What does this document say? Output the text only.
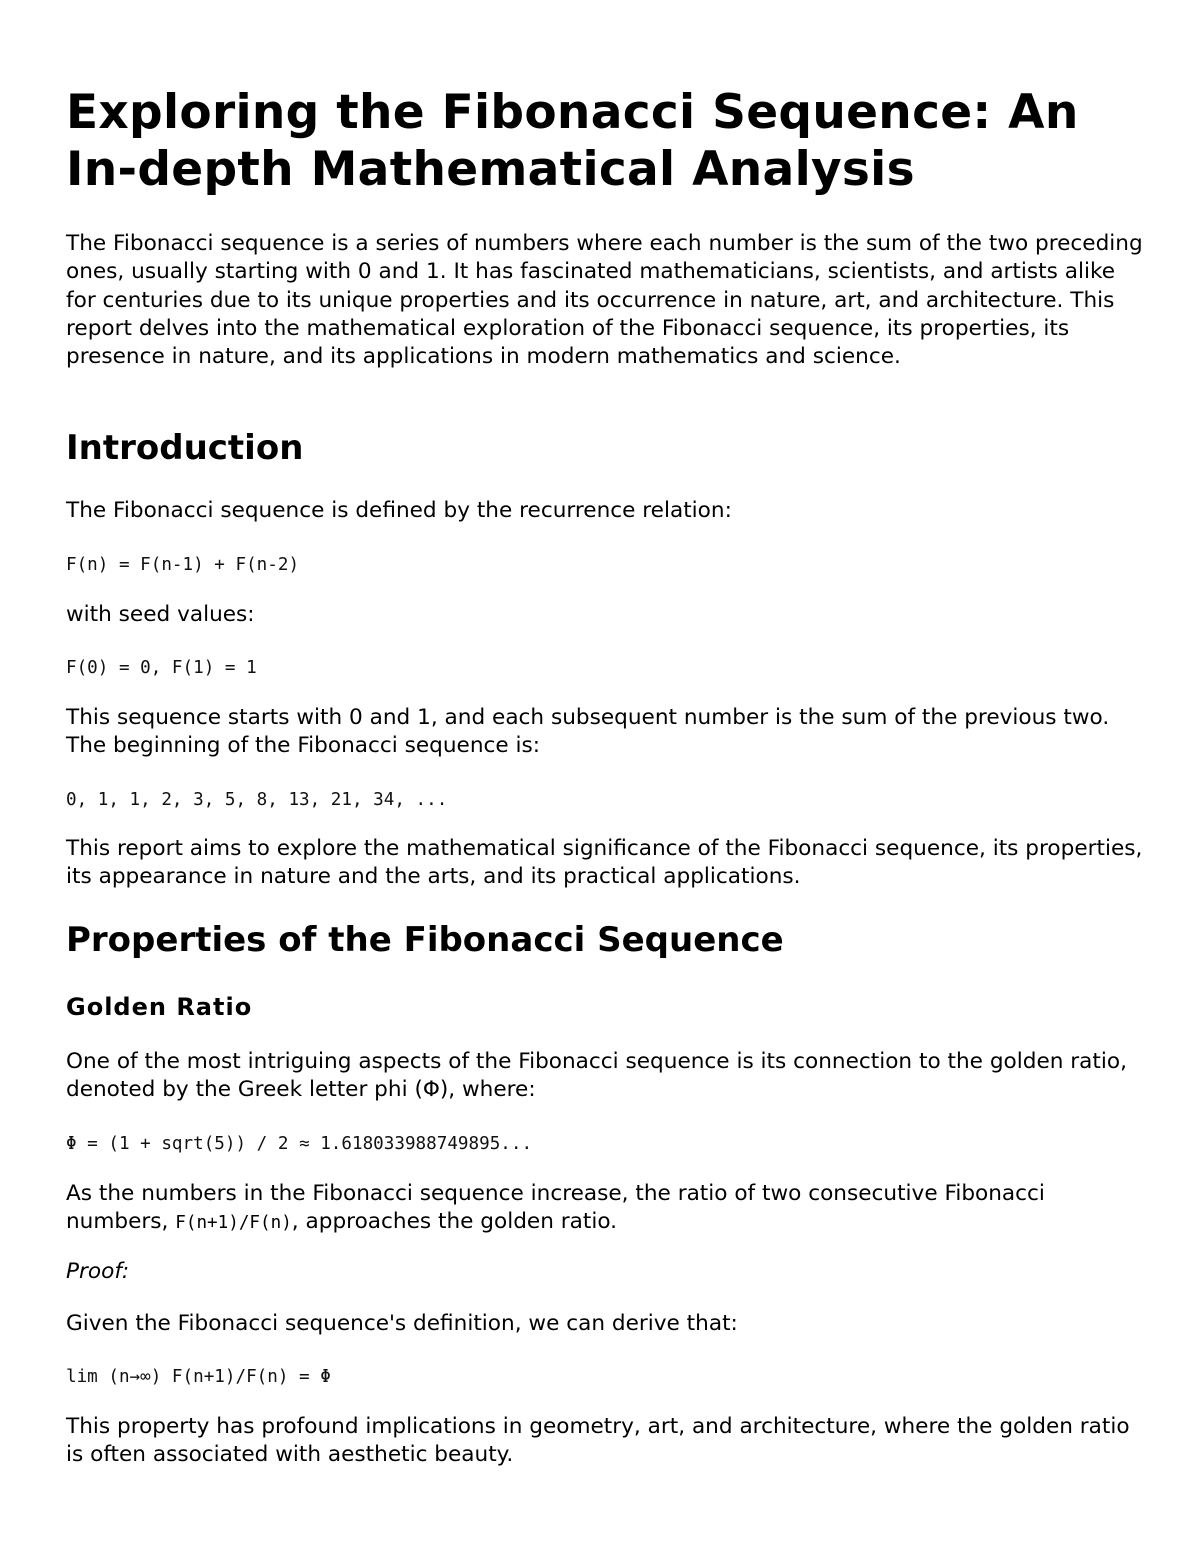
Exploring the Fibonacci Sequence: An In-depth Mathematical Analysis

The Fibonacci sequence is a series of numbers where each number is the sum of the two preceding ones, usually starting with 0 and 1. It has fascinated mathematicians, scientists, and artists alike for centuries due to its unique properties and its occurrence in nature, art, and architecture. This report delves into the mathematical exploration of the Fibonacci sequence, its properties, its presence in nature, and its applications in modern mathematics and science.

Introduction

The Fibonacci sequence is defined by the recurrence relation:

F(n) = F(n-1) + F(n-2)

with seed values:

F(0) = 0, F(1) = 1

This sequence starts with 0 and 1, and each subsequent number is the sum of the previous two. The beginning of the Fibonacci sequence is:

0, 1, 1, 2, 3, 5, 8, 13, 21, 34, ...

This report aims to explore the mathematical significance of the Fibonacci sequence, its properties, its appearance in nature and the arts, and its practical applications.

Properties of the Fibonacci Sequence
Golden Ratio

One of the most intriguing aspects of the Fibonacci sequence is its connection to the golden ratio, denoted by the Greek letter phi (Φ), where:

Φ = (1 + sqrt(5)) / 2 ≈ 1.618033988749895...

As the numbers in the Fibonacci sequence increase, the ratio of two consecutive Fibonacci numbers, F(n+1)/F(n), approaches the golden ratio.

Proof:

Given the Fibonacci sequence's definition, we can derive that:

lim (n→∞) F(n+1)/F(n) = Φ

This property has profound implications in geometry, art, and architecture, where the golden ratio is often associated with aesthetic beauty.
